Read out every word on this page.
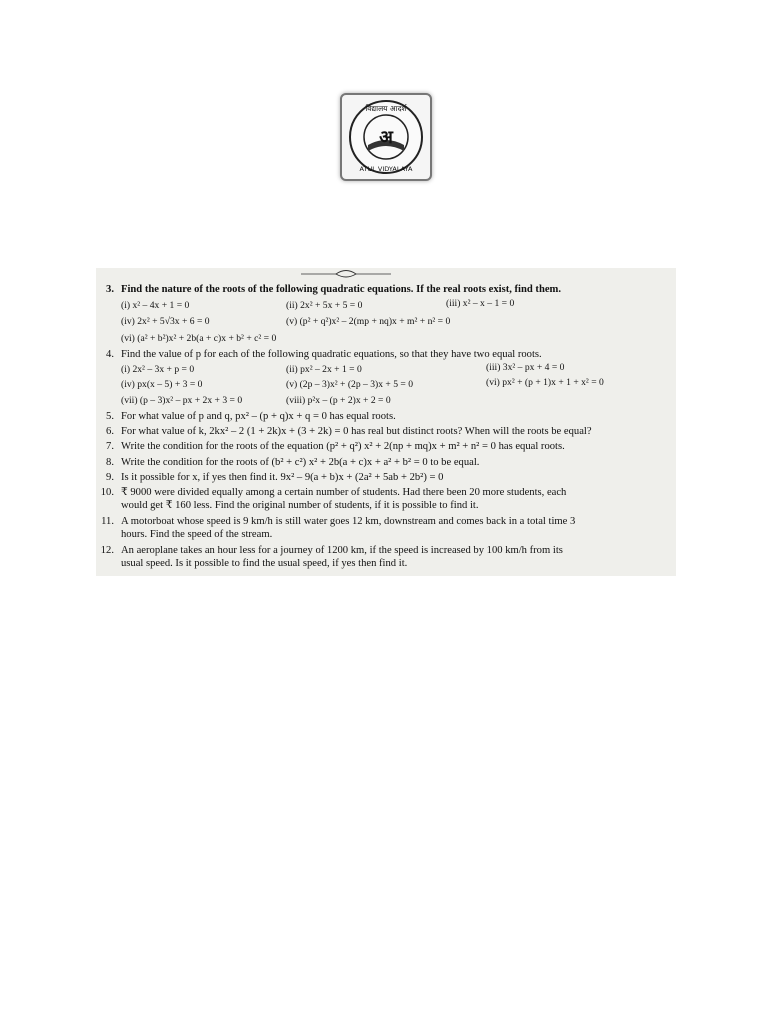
अ
विद्यालय आदर्श
ATUL VIDYALAYA
3. Find the nature of the roots of the following quadratic equations. If the real roots exist, find them.
(i) x² – 4x + 1 = 0	(ii) 2x² + 5x + 5 = 0	(iii) x² – x – 1 = 0
(iv) 2x² + 5√3x + 6 = 0	(v) (p² + q²)x² – 2(mp + nq)x + m² + n² = 0
(vi) (a² + b²)x² + 2b(a + c)x + b² + c² = 0
4. Find the value of p for each of the following quadratic equations, so that they have two equal roots.
(i) 2x² – 3x + p = 0	(ii) px² – 2x + 1 = 0	(iii) 3x² – px + 4 = 0
(iv) px(x – 5) + 3 = 0	(v) (2p – 3)x² + (2p – 3)x + 5 = 0	(vi) px² + (p + 1)x + 1 + x² = 0
(vii) (p – 3)x² – px + 2x + 3 = 0	(viii) p²x – (p + 2)x + 2 = 0
5. For what value of p and q, px² – (p + q)x + q = 0 has equal roots.
6. For what value of k, 2kx² – 2 (1 + 2k)x + (3 + 2k) = 0 has real but distinct roots? When will the roots be equal?
7. Write the condition for the roots of the equation (p² + q²) x² + 2(np + mq)x + m² + n² = 0 has equal roots.
8. Write the condition for the roots of (b² + c²) x² + 2b(a + c)x + a² + b² = 0 to be equal.
9. Is it possible for x, if yes then find it. 9x² – 9(a + b)x + (2a² + 5ab + 2b²) = 0
10. ₹ 9000 were divided equally among a certain number of students. Had there been 20 more students, each
would get ₹ 160 less. Find the original number of students, if it is possible to find it.
11. A motorboat whose speed is 9 km/h is still water goes 12 km, downstream and comes back in a total time 3
hours. Find the speed of the stream.
12. An aeroplane takes an hour less for a journey of 1200 km, if the speed is increased by 100 km/h from its
usual speed. Is it possible to find the usual speed, if yes then find it.
